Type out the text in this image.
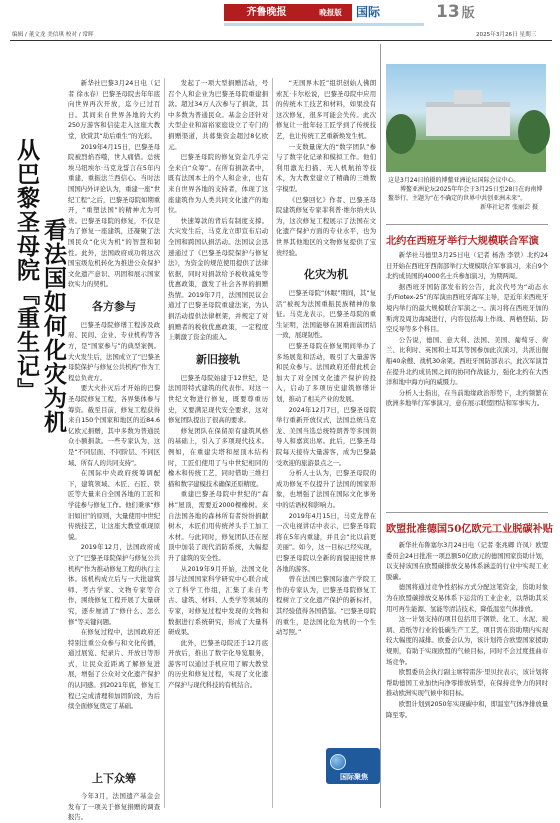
编辑 / 董文龙 美信琪 校对 / 常晖
齐鲁晚报	晚报版	国际	13 版
2025年3月26日 星期三
从巴黎圣母院『重生记』 看法国如何化灾为机

新华社巴黎3月24日电（记者 徐永春）巴黎圣母院去年年底向世界再次开放，迄今已过百日。其间来自世界各地的大约250万游客和信徒走入这座大教堂，欣赏其“劫后重生”的光彩。

2019年4月15日，巴黎圣母院被烈焰吞噬，世人痛惜。总统埃马纽埃尔·马克龙誓言在5年内重建，重振法兰西信心。当时法国国内外评论认为，重建一座“世纪工程”之后，巴黎圣母院如期重开，“重塑法国”的精神尤为可贵。巴黎圣母院的修复，不仅是为了修复一座建筑，还凝聚了法国民众“化灾为机”的智慧和韧性。此外，法国政府成功将这次国宝级危机转化为推进公众保护文化遗产意识、巩固和展示国家软实力的契机。

各方参与

巴黎圣母院修缮工程涉及政府、民间、企业、专业机构等各方，是“国家参与”的典型案例。大火发生后，法国成立了“巴黎圣母院保护与修复公共机构”作为工程总负责方。

要大火扑灭后才开始的巴黎圣母院修复工程，各界集体参与筹资。截至目前，修复工程获得来自150个国家和地区的近84.6亿欧元捐赠，其中多数为普通民众小额捐款。一些专家认为，这是“不同层面、不同阶层、不同区域、所有人的共同支持”。

在国际中央政府统筹调配下，建筑领域、木匠、石匠、铁匠等大量来自全国各地的工匠和学徒参与修复工作。他们秉承“修旧如旧”的原则，大量使用中世纪传统技艺，让这座大教堂重现原貌。

2019年12月，法国政府成立了“巴黎圣母院保护与修复公共机构”作为推动修复工程的执行主体。该机构成立后与一大批建筑师、考古学家、文物专家等合作，围绕修复工程开展了大量研究，逐步厘清了“修什么、怎么修”等关键问题。

在修复过程中，法国政府还特别注重公众参与和文化传播，通过展览、纪录片、开放日等形式，让民众近距离了解修复进展，增强了公众对文化遗产保护的认同感。到2021年底，修复工程已完成清理和加固阶段，为后续全面修复奠定了基础。

上下众筹

今年3月，法国遗产基金会发布了一项关于修复捐赠的调查报告。

发起了一项大型捐赠活动，号召个人和企业为巴黎圣母院重建捐款。超过34万人次参与了捐款，其中多数为普通民众。基金会还针对大型企业和富裕家庭设立了专门的捐赠渠道，共募集资金超过8亿欧元。

巴黎圣母院的修复资金几乎完全来自“众筹”。在所有捐款者中，既有法国本土的个人和企业，也有来自世界各地的支持者，体现了这座建筑作为人类共同文化遗产的地位。

快速筹款的背后有制度支撑。大灾发生后，马克龙立即宣布启动全国和跨国认捐活动。法国议会迅速通过了《巴黎圣母院保护与修复法》，为资金的规范使用提供了法律依据，同时对捐款给予税收减免等优惠政策，激发了社会各界的捐赠热情。2019年7月，法国国民议会通过了巴黎圣母院重建法案，为认捐活动提供法律框架，并规定了对捐赠者的税收优惠政策，一定程度上刺激了资金的流入。

新旧接轨

巴黎圣母院始建于12世纪，是法国哥特式建筑的代表作。对这一世纪文物进行修复，既要尊重历史，又要满足现代安全要求，这对修复团队提出了很高的要求。

修复团队在保留原有建筑风格的基础上，引入了多项现代技术。例如，在重建尖塔和屋顶木结构时，工匠们使用了与中世纪相同的橡木和传统工艺，同时借助三维扫描和数字建模技术确保还原精度。

重建巴黎圣母院中世纪的“森林”屋顶，需要近2000棵橡树。来自法国各地的森林所有者纷纷捐献树木，木匠们用传统斧头手工加工木材。与此同时，修复团队还在屋顶中加装了现代消防系统，大幅提升了建筑的安全性。

从2019年9月开始，法国文化部与法国国家科学研究中心联合成立了科学工作组，汇集了来自考古、建筑、材料、人类学等领域的专家，对修复过程中发现的文物和数据进行系统研究，形成了大量科研成果。

此外，巴黎圣母院还于12月底开放后，推出了数字化导览服务，游客可以通过手机应用了解大教堂的历史和修复过程，实现了文化遗产保护与现代科技的有机结合。

“无国界木匠”组织创始人佛朗索瓦·卡尔松说，巴黎圣母院中应用的传统木工技艺和材料，如果没有这次修复，很多可能会失传。此次修复让一批年轻工匠学到了传统技艺，也让传统工艺重新焕发生机。

一支数量庞大的“数字团队”参与了数字化记录和模拟工作。他们利用激光扫描、无人机航拍等技术，为大教堂建立了精确的三维数字模型。

《巴黎回忆》作者、巴黎圣母院建筑修复专家菲利普·维尔纳夫认为，这次修复工程展示了法国在文化遗产保护方面的专业水平，也为世界其他地区的文物修复提供了宝贵经验。

化灾为机

巴黎圣母院“休眠”期间，其“复活”被视为法国重振民族精神的象征。马克龙表示，巴黎圣母院的重生证明，法国能够在困难面前团结一致，展现韧性。

巴黎圣母院在修复期间举办了多场展览和活动，吸引了大量游客和民众参与。法国政府还借此机会加大了对全国文化遗产保护的投入，启动了多项历史建筑修缮计划，推动了相关产业的发展。

2024年12月7日，巴黎圣母院举行重新开放仪式，法国总统马克龙、美国当选总统特朗普等多国领导人和嘉宾出席。此后，巴黎圣母院每天接待大量游客，成为巴黎最受欢迎的旅游景点之一。

分析人士认为，巴黎圣母院的成功修复不仅提升了法国的国家形象，也增强了法国在国际文化事务中的话语权和影响力。

2019年4月15日，马克龙曾在一次电视讲话中表示，巴黎圣母院将在5年内重建，并且会“比以前更美丽”。如今，这一目标已经实现，巴黎圣母院以全新的面貌迎接世界各地的游客。

曾在法国巴黎国际遗产学院工作的专家认为，巴黎圣母院修复工程树立了文化遗产保护的新标杆，其经验值得各国借鉴。“巴黎圣母院的重生，是法国化危为机的一个生动写照。”

国际聚焦

这是3月24日拍摄的博鳌亚洲论坛国际会议中心。

博鳌亚洲论坛2025年年会于3月25日至28日在海南博鳌举行，主题为“在不确定的世界中共创亚洲未来”。

新华社记者 张丽芸 摄

北约在西班牙举行大规模联合军演

新华社马德里3月25日电（记者 杨浩 李铁）北约24日开始在西班牙西南部举行大规模联合军事演习，来自9个北约成员国的4000名士兵参加演习，为期两周。

据西班牙国防部发布的公告，此次代号为“动态水手/Flotex-25”的军演由西班牙海军主导，是近年来西班牙境内举行的最大规模联合军演之一。演习将在西班牙加的斯湾及周边海域进行，内容包括海上作战、两栖登陆、防空反导等多个科目。

公告说，德国、意大利、法国、美国、葡萄牙、荷兰、比利时、英国和土耳其等国参加此次演习，共派出舰船40余艘、战机30余架。西班牙国防部表示，此次军演旨在提升北约成员国之间的协同作战能力，强化北约在大西洋和地中海方向的威慑力。

分析人士指出，在当前地缘政治形势下，北约频繁在欧洲多地举行军事演习，意在展示联盟团结和军事实力。

欧盟批准德国50亿欧元工业脱碳补贴

新华社布鲁塞尔3月24日电（记者 张兆卿 许凤）欧盟委员会24日批准一项总额50亿欧元的德国国家资助计划，以支持该国在欧盟碳排放交易体系涵盖的行业中实现工业脱碳。

德国将通过竞争性招标方式分配这笔资金，资助对象为在欧盟碳排放交易体系下运营的工业企业，以帮助其采用可再生能源、氢能等清洁技术，降低温室气体排放。

这一计划支持的项目包括用于钢铁、化工、水泥、玻璃、造纸等行业的低碳生产工艺，项目需在资助期内实现较大幅度的减排。欧委会认为，该计划符合欧盟国家援助规则，有助于实现欧盟的气候目标，同时不会过度扭曲市场竞争。

欧盟委员会执行副主席特雷莎·里贝拉表示，该计划将帮助德国工业加快向净零排放转型，在保持竞争力的同时推动欧洲实现气候中和目标。

欧盟计划到2050年实现碳中和，即温室气体净排放量降至零。
